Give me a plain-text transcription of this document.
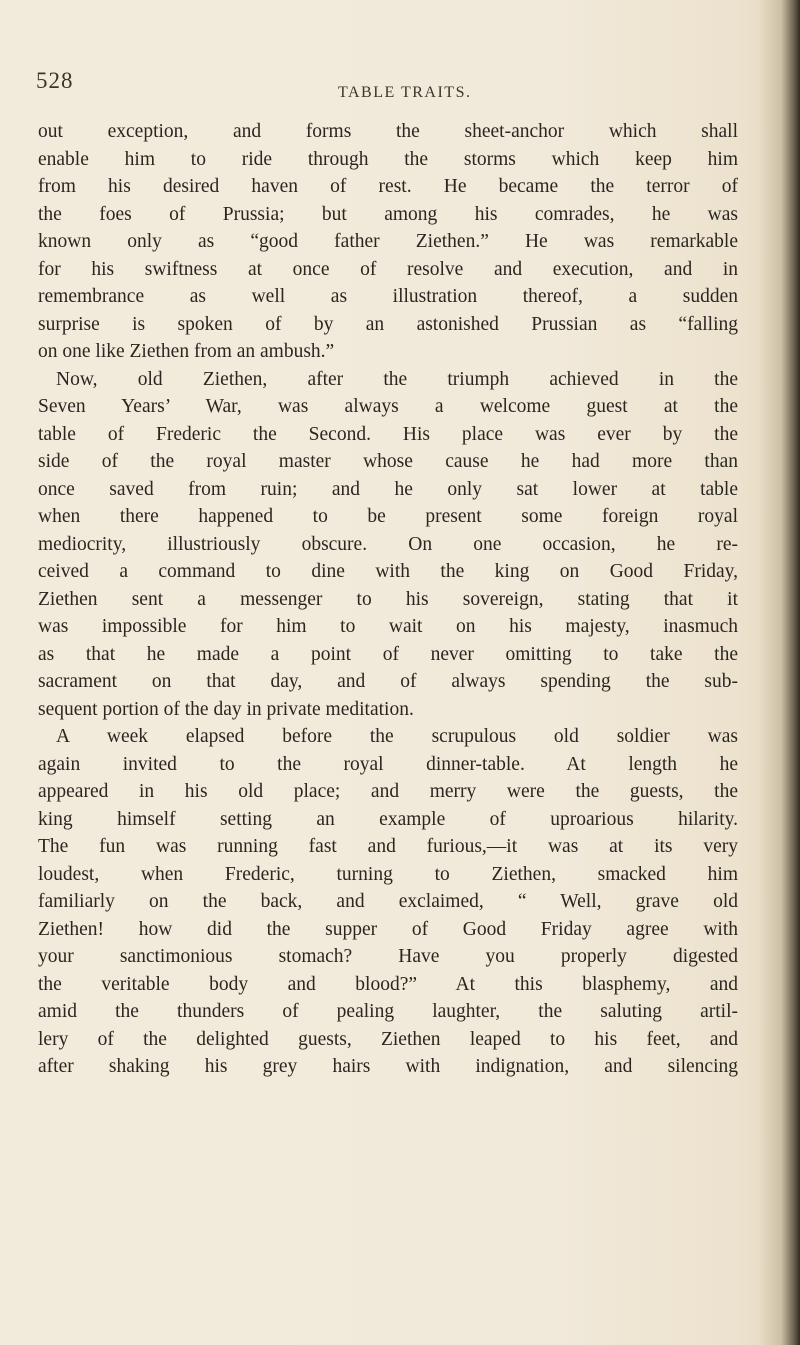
528	TABLE TRAITS.
out exception, and forms the sheet-anchor which shall
enable him to ride through the storms which keep him
from his desired haven of rest. He became the terror of
the foes of Prussia; but among his comrades, he was
known only as “good father Ziethen.” He was remarkable
for his swiftness at once of resolve and execution, and in
remembrance as well as illustration thereof, a sudden
surprise is spoken of by an astonished Prussian as “falling
on one like Ziethen from an ambush.”
Now, old Ziethen, after the triumph achieved in the
Seven Years’ War, was always a welcome guest at the
table of Frederic the Second. His place was ever by the
side of the royal master whose cause he had more than
once saved from ruin; and he only sat lower at table
when there happened to be present some foreign royal
mediocrity, illustriously obscure. On one occasion, he re-
ceived a command to dine with the king on Good Friday,
Ziethen sent a messenger to his sovereign, stating that it
was impossible for him to wait on his majesty, inasmuch
as that he made a point of never omitting to take the
sacrament on that day, and of always spending the sub-
sequent portion of the day in private meditation.
A week elapsed before the scrupulous old soldier was
again invited to the royal dinner-table. At length he
appeared in his old place; and merry were the guests, the
king himself setting an example of uproarious hilarity.
The fun was running fast and furious,—it was at its very
loudest, when Frederic, turning to Ziethen, smacked him
familiarly on the back, and exclaimed, “ Well, grave old
Ziethen! how did the supper of Good Friday agree with
your sanctimonious stomach? Have you properly digested
the veritable body and blood?” At this blasphemy, and
amid the thunders of pealing laughter, the saluting artil-
lery of the delighted guests, Ziethen leaped to his feet, and
after shaking his grey hairs with indignation, and silencing
